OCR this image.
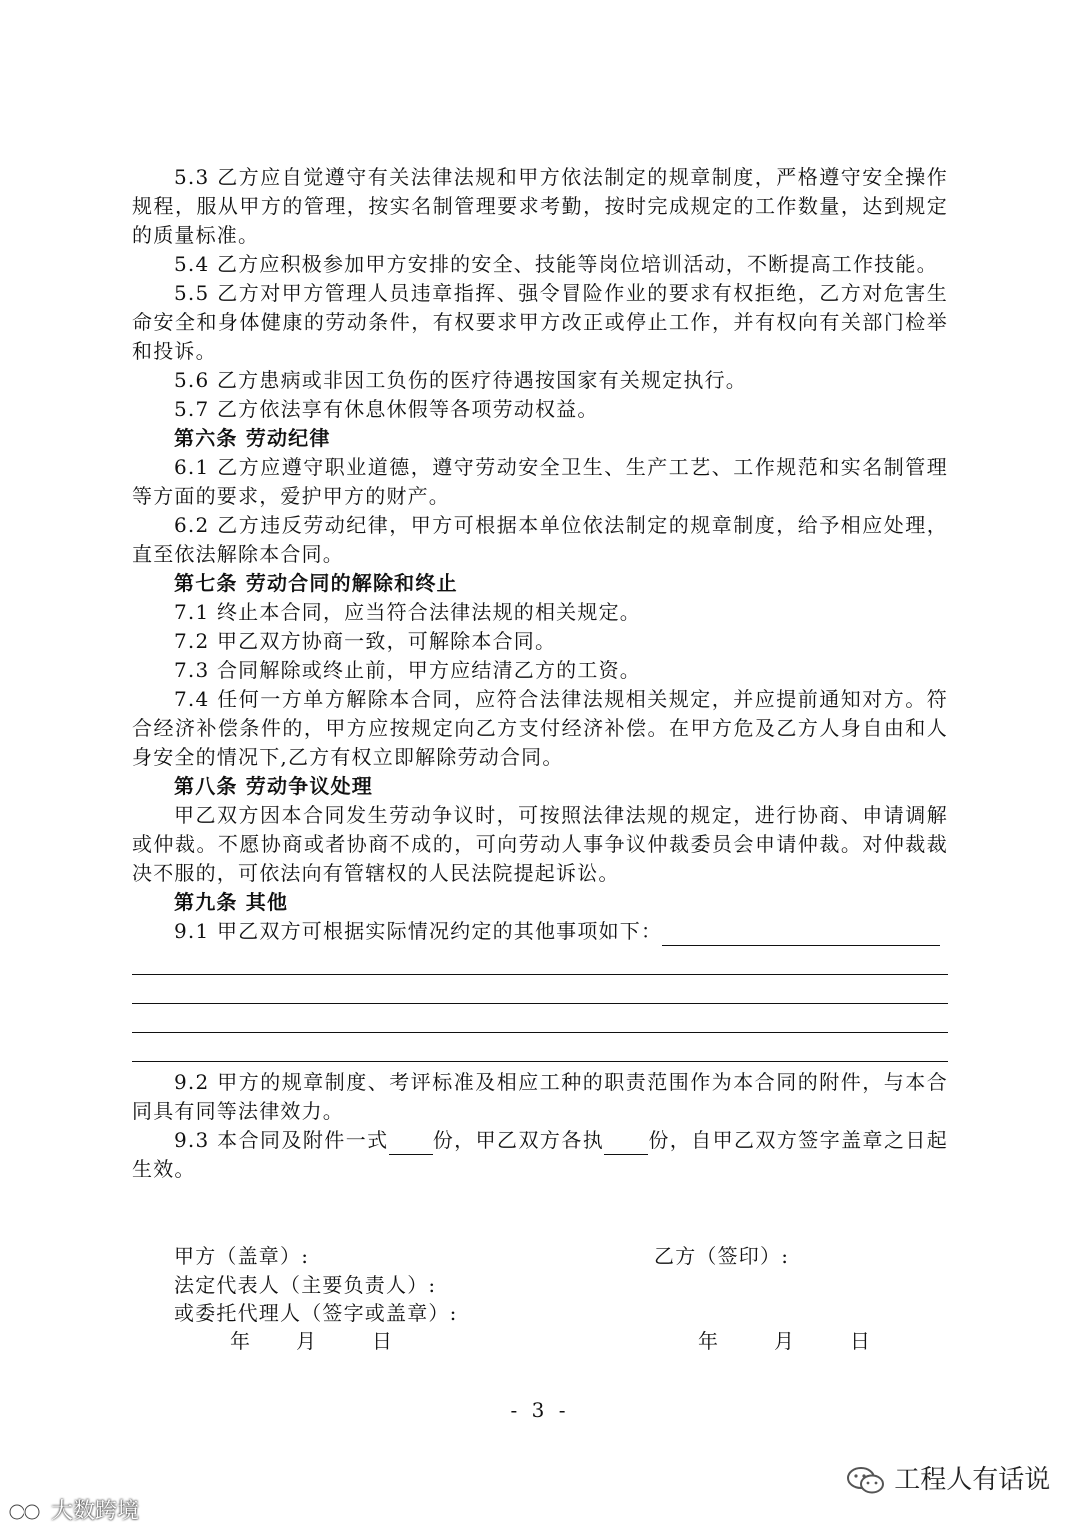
5.3 乙方应自觉遵守有关法律法规和甲方依法制定的规章制度，严格遵守安全操作规程，服从甲方的管理，按实名制管理要求考勤，按时完成规定的工作数量，达到规定的质量标准。

5.4 乙方应积极参加甲方安排的安全、技能等岗位培训活动，不断提高工作技能。

5.5 乙方对甲方管理人员违章指挥、强令冒险作业的要求有权拒绝，乙方对危害生命安全和身体健康的劳动条件，有权要求甲方改正或停止工作，并有权向有关部门检举和投诉。

5.6 乙方患病或非因工负伤的医疗待遇按国家有关规定执行。

5.7 乙方依法享有休息休假等各项劳动权益。

第六条 劳动纪律

6.1 乙方应遵守职业道德，遵守劳动安全卫生、生产工艺、工作规范和实名制管理等方面的要求，爱护甲方的财产。

6.2 乙方违反劳动纪律，甲方可根据本单位依法制定的规章制度，给予相应处理，直至依法解除本合同。

第七条 劳动合同的解除和终止

7.1 终止本合同，应当符合法律法规的相关规定。

7.2 甲乙双方协商一致，可解除本合同。

7.3 合同解除或终止前，甲方应结清乙方的工资。

7.4 任何一方单方解除本合同，应符合法律法规相关规定，并应提前通知对方。符合经济补偿条件的，甲方应按规定向乙方支付经济补偿。在甲方危及乙方人身自由和人身安全的情况下,乙方有权立即解除劳动合同。

第八条 劳动争议处理

甲乙双方因本合同发生劳动争议时，可按照法律法规的规定，进行协商、申请调解或仲裁。不愿协商或者协商不成的，可向劳动人事争议仲裁委员会申请仲裁。对仲裁裁决不服的，可依法向有管辖权的人民法院提起诉讼。

第九条 其他

9.1 甲乙双方可根据实际情况约定的其他事项如下：

9.2 甲方的规章制度、考评标准及相应工种的职责范围作为本合同的附件，与本合同具有同等法律效力。

9.3 本合同及附件一式 份，甲乙双方各执 份，自甲乙双方签字盖章之日起生效。

甲方（盖章）:	乙方（签印）:
法定代表人（主要负责人）:
或委托代理人（签字或盖章）:
年 月	日	年	月	日
- 3 -
大数跨境
工程人有话说
